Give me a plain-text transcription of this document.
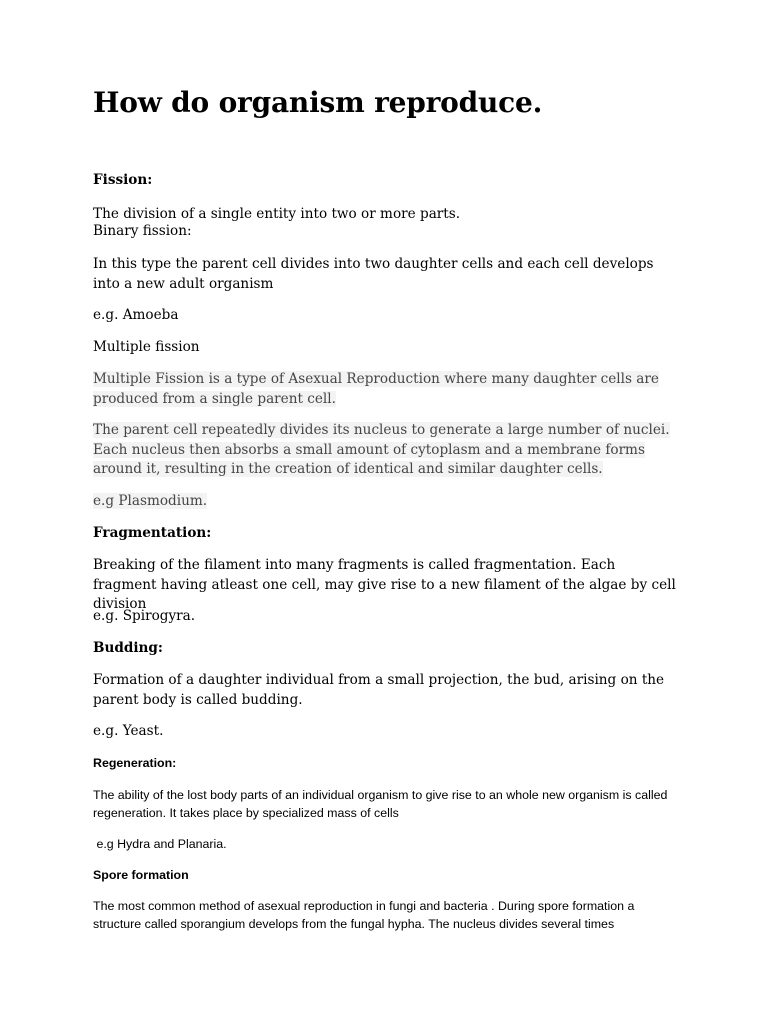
How do organism reproduce.

Fission:

The division of a single entity into two or more parts.

Binary fission:

In this type the parent cell divides into two daughter cells and each cell develops into a new adult organism

e.g. Amoeba

Multiple fission

Multiple Fission is a type of Asexual Reproduction where many daughter cells are produced from a single parent cell.

The parent cell repeatedly divides its nucleus to generate a large number of nuclei. Each nucleus then absorbs a small amount of cytoplasm and a membrane forms around it, resulting in the creation of identical and similar daughter cells.

e.g Plasmodium.

Fragmentation:

Breaking of the filament into many fragments is called fragmentation. Each fragment having atleast one cell, may give rise to a new filament of the algae by cell division

e.g. Spirogyra.

Budding:

Formation of a daughter individual from a small projection, the bud, arising on the parent body is called budding.

e.g. Yeast.

Regeneration:

The ability of the lost body parts of an individual organism to give rise to an whole new organism is called regeneration. It takes place by specialized mass of cells

e.g Hydra and Planaria.

Spore formation

The most common method of asexual reproduction in fungi and bacteria . During spore formation a structure called sporangium develops from the fungal hypha. The nucleus divides several times
